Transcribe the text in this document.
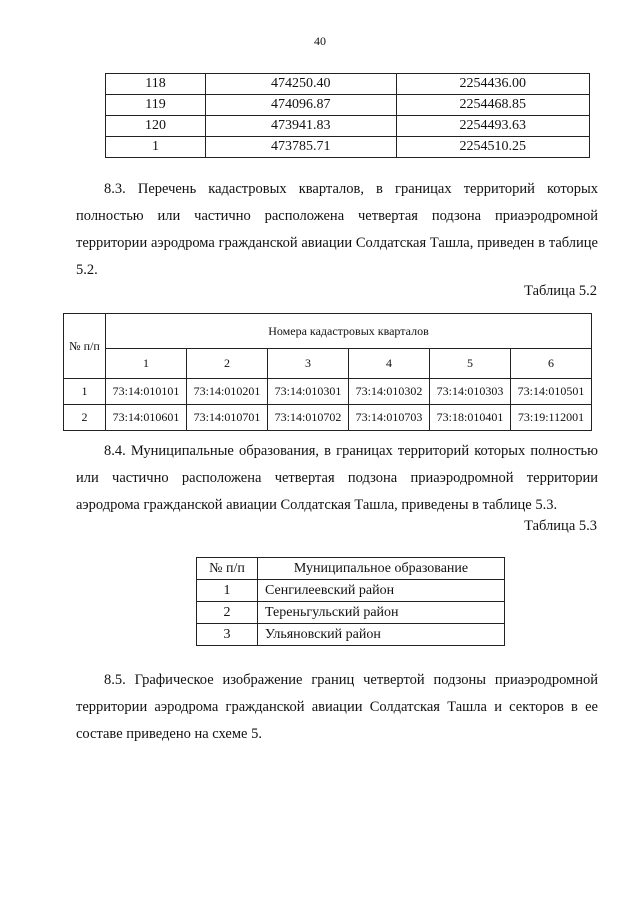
40
118	474250.40	2254436.00
119	474096.87	2254468.85
120	473941.83	2254493.63
1	473785.71	2254510.25
8.3. Перечень кадастровых кварталов, в границах территорий которых полностью или частично расположена четвертая подзона приаэродромной территории аэродрома гражданской авиации Солдатская Ташла, приведен в таблице 5.2.
Таблица 5.2
№ п/п	Номера кадастровых кварталов					
	1	2	3	4	5	6
1	73:14:010101	73:14:010201	73:14:010301	73:14:010302	73:14:010303	73:14:010501
2	73:14:010601	73:14:010701	73:14:010702	73:14:010703	73:18:010401	73:19:112001
8.4. Муниципальные образования, в границах территорий которых полностью или частично расположена четвертая подзона приаэродромной территории аэродрома гражданской авиации Солдатская Ташла, приведены в таблице 5.3.
Таблица 5.3
№ п/п	Муниципальное образование
1	Сенгилеевский район
2	Тереньгульский район
3	Ульяновский район
8.5. Графическое изображение границ четвертой подзоны приаэродромной территории аэродрома гражданской авиации Солдатская Ташла и секторов в ее составе приведено на схеме 5.
